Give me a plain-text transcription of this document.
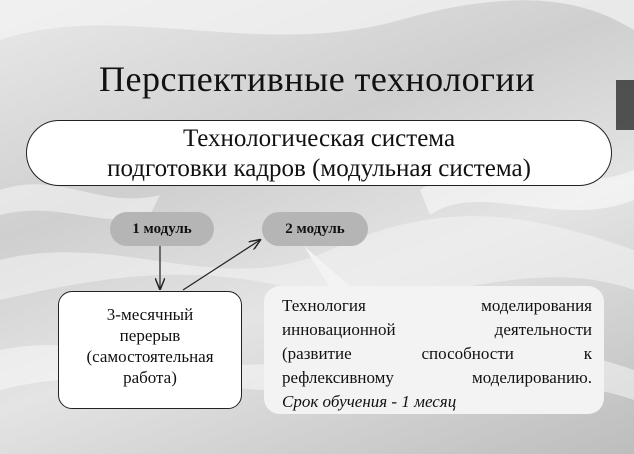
Перспективные технологии
Технологическая система
подготовки кадров (модульная система)
1 модуль	2 модуль
3-месячный
перерыв
(самостоятельная
работа)
Технология моделирования
инновационной деятельности
(развитие способности к
рефлексивному моделированию.
Срок обучения - 1 месяц
